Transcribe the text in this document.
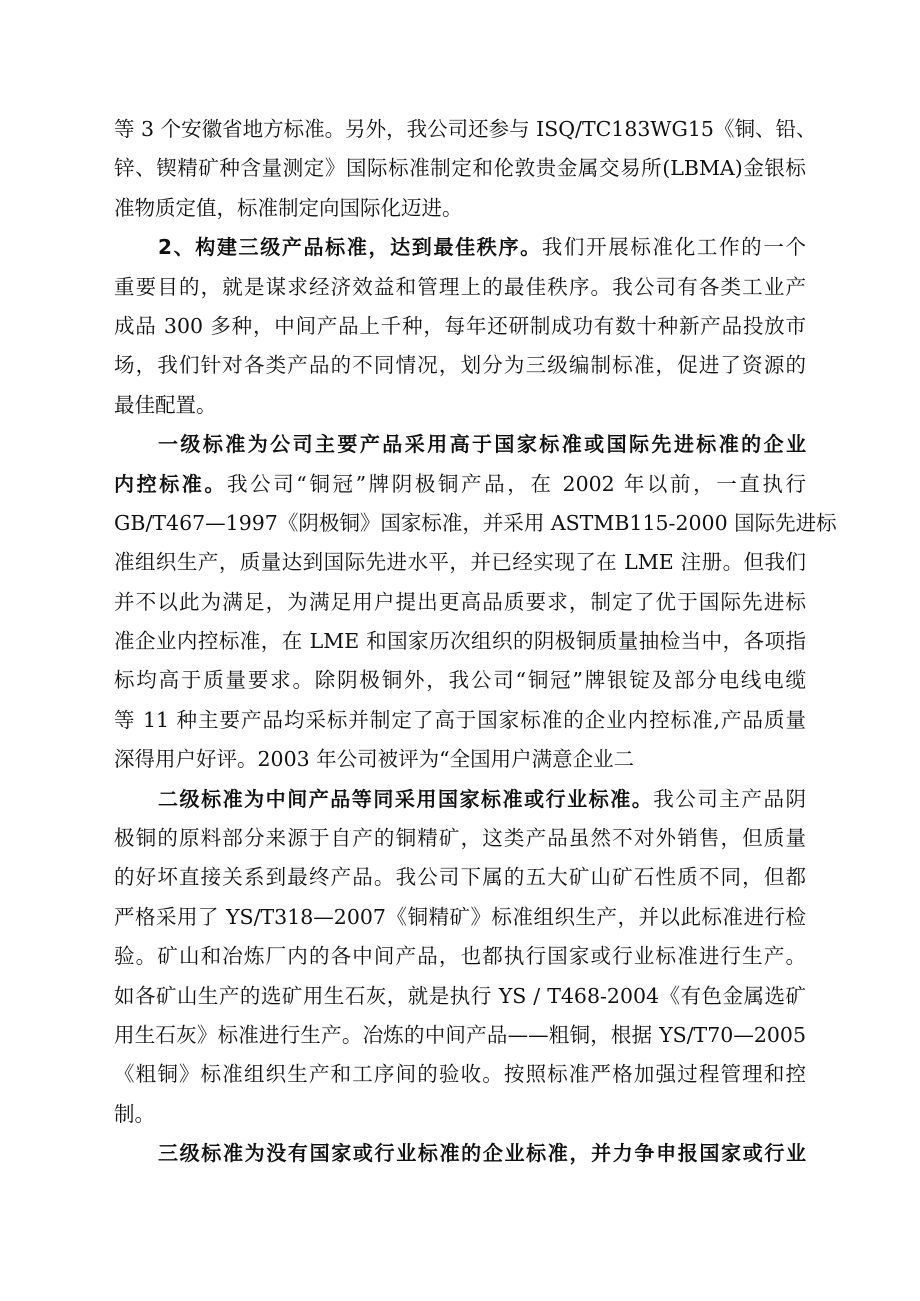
等 3 个安徽省地方标准。另外，我公司还参与 ISQ/TC183WG15《铜、铅、
锌、锲精矿种含量测定》国际标准制定和伦敦贵金属交易所(LBMA)金银标
准物质定值，标准制定向国际化迈进。
2、构建三级产品标准，达到最佳秩序。我们开展标准化工作的一个
重要目的，就是谋求经济效益和管理上的最佳秩序。我公司有各类工业产
成品 300 多种，中间产品上千种，每年还研制成功有数十种新产品投放市
场，我们针对各类产品的不同情况，划分为三级编制标准，促进了资源的
最佳配置。
一级标准为公司主要产品采用高于国家标准或国际先进标准的企业
内控标准。我公司“铜冠”牌阴极铜产品，在 2002 年以前，一直执行
GB/T467—1997《阴极铜》国家标准，并采用 ASTMB115-2000 国际先进标
准组织生产，质量达到国际先进水平，并已经实现了在 LME 注册。但我们
并不以此为满足，为满足用户提出更高品质要求，制定了优于国际先进标
准企业内控标准，在 LME 和国家历次组织的阴极铜质量抽检当中，各项指
标均高于质量要求。除阴极铜外，我公司“铜冠”牌银锭及部分电线电缆
等 11 种主要产品均采标并制定了高于国家标准的企业内控标准,产品质量
深得用户好评。2003 年公司被评为“全国用户满意企业二
二级标准为中间产品等同采用国家标准或行业标准。我公司主产品阴
极铜的原料部分来源于自产的铜精矿，这类产品虽然不对外销售，但质量
的好坏直接关系到最终产品。我公司下属的五大矿山矿石性质不同，但都
严格采用了 YS/T318—2007《铜精矿》标准组织生产，并以此标准进行检
验。矿山和冶炼厂内的各中间产品，也都执行国家或行业标准进行生产。
如各矿山生产的选矿用生石灰，就是执行 YS / T468-2004《有色金属选矿
用生石灰》标准进行生产。冶炼的中间产品——粗铜，根据 YS/T70—2005
《粗铜》标准组织生产和工序间的验收。按照标准严格加强过程管理和控
制。
三级标准为没有国家或行业标准的企业标准，并力争申报国家或行业
